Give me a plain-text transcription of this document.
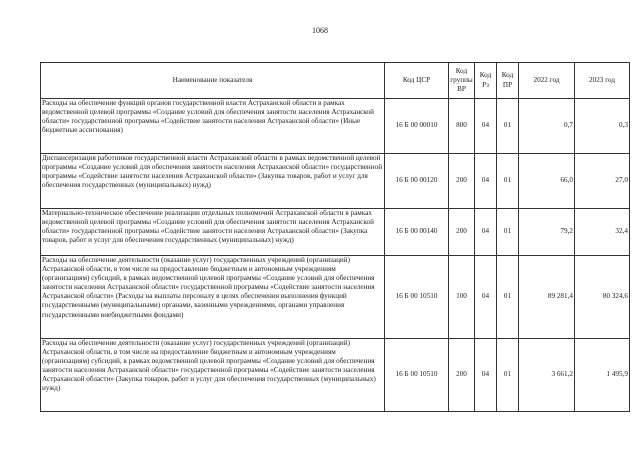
1068
Наименование показателя	Код ЦСР	Код группы ВР	Код Рз	Код ПР	2022 год	2023 год
Расходы на обеспечение функций органов государственной власти Астраханской области в рамках ведомственной целевой программы «Создание условий для обеспечения занятости населения Астраханской области» государственной программы «Содействие занятости населения Астраханской области» (Иные бюджетные ассигнования)	16 Б 00 00010	800	04	01	0,7	0,3
Диспансеризация работников государственной власти Астраханской области в рамках ведомственной целевой программы «Создание условий для обеспечения занятости населения Астраханской области» государственной программы «Содействие занятости населения Астраханской области» (Закупка товаров, работ и услуг для обеспечения государственных (муниципальных) нужд)	16 Б 00 00120	200	04	01	66,0	27,0
Материально-техническое обеспечение реализации отдельных полномочий Астраханской области в рамках ведомственной целевой программы «Создание условий для обеспечения занятости населения Астраханской области» государственной программы «Содействие занятости населения Астраханской области» (Закупка товаров, работ и услуг для обеспечения государственных (муниципальных) нужд)	16 Б 00 00140	200	04	01	79,2	32,4
Расходы на обеспечение деятельности (оказание услуг) государственных учреждений (организаций) Астраханской области, в том числе на предоставление бюджетным и автономным учреждениям (организациям) субсидий, в рамках ведомственной целевой программы «Создание условий для обеспечения занятости населения Астраханской области» государственной программы «Содействие занятости населения Астраханской области» (Расходы на выплаты персоналу в целях обеспечения выполнения функций государственными (муниципальными) органами, казенными учреждениями, органами управления государственными внебюджетными фондами)	16 Б 00 10510	100	04	01	89 281,4	80 324,6
Расходы на обеспечение деятельности (оказание услуг) государственных учреждений (организаций) Астраханской области, в том числе на предоставление бюджетным и автономным учреждениям (организациям) субсидий, в рамках ведомственной целевой программы «Создание условий для обеспечения занятости населения Астраханской области» государственной программы «Содействие занятости населения Астраханской области» (Закупка товаров, работ и услуг для обеспечения государственных (муниципальных) нужд)	16 Б 00 10510	200	04	01	3 661,2	1 495,9
